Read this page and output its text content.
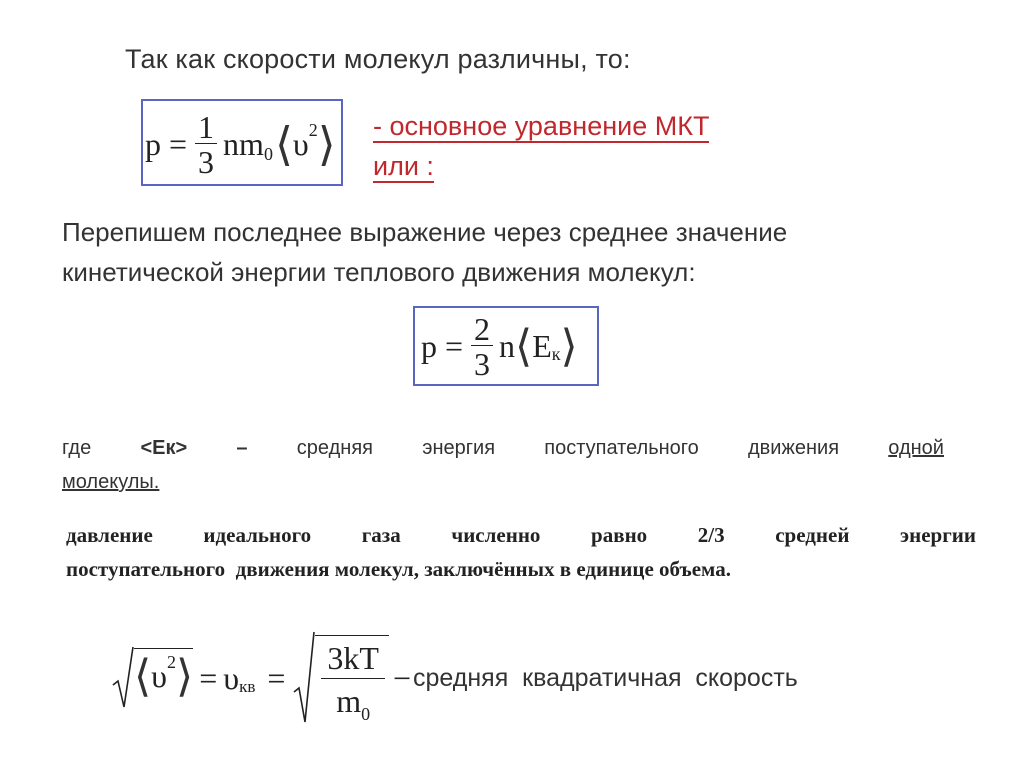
Так как скорости молекул различны, то:
$p = \frac{1}{3}$ nm 0 ⟨ υ 2 ⟩ - основное уравнение МКТ
или :
Перепишем последнее выражение через среднее значение
кинетической энергии теплового движения молекул:
$p = \frac{2}{3}$ n ⟨ E к ⟩
где <Ек> – средняя энергия поступательного движения одной
молекулы.
давление идеального газа численно равно 2/3 средней энергии
поступательного  движения молекул, заключённых в единице объема.
⟨ υ 2 ⟩ = υ кв = $\frac{3kT}{m_0}$ − средняя  квадратичная  скорость
